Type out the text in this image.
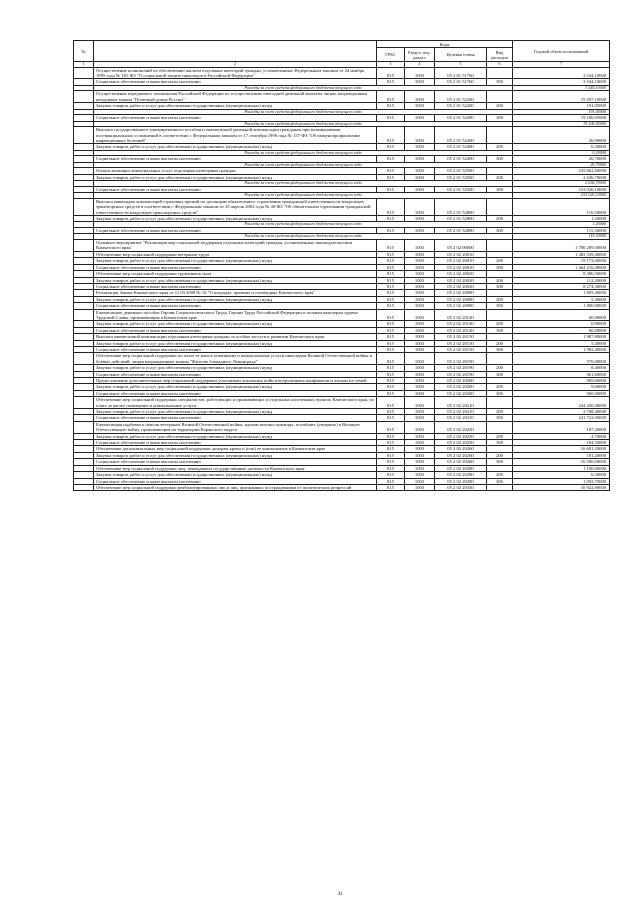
№		Коды				Годовой объем ассигнований
		ГРБС	Раздел, под-раздел	Целевая статья	Вид расходов	
1	2	3	4	5	6	7
	Осуществление полномочий по обеспечению жильем отдельных категорий граждан, установленных Федеральным законом от 24 ноября 1995 года № 181-ФЗ "О социальной защите инвалидов в Российской Федерации"	815	1003	05 2 01 51760		3 544,10000
	Социальное обеспечение и иные выплаты населению	815	1003	05 2 01 51760	300	3 544,10000
	Расходы за счет средств федерального бюджета текущего года					3 544,10000
	Осуществление переданного полномочия Российской Федерации по осуществлению ежегодной денежной выплаты лицам, награжденным нагрудным знаком "Почетный донор России"	815	1003	05 2 01 52200		19 297,10000
	Закупка товаров, работ и услуг для обеспечения государственных (муниципальных) нужд	815	1003	05 2 01 52200	200	191,05000
	Расходы за счет средств федерального бюджета текущего года					191,05000
	Социальное обеспечение и иные выплаты населению	815	1003	05 2 01 52200	300	19 106,05000
	Расходы за счет средств федерального бюджета текущего года					19 106,05000
	Выплата государственного единовременного пособия и ежемесячной денежной компенсации гражданам при возникновении поствакцинальных осложнений в соответствии с Федеральным законом от 17 сентября 1998 года № 157-ФЗ "Об иммунопрофилактике инфекционных болезней"	815	1003	05 2 01 52400		26,90000
	Закупка товаров, работ и услуг для обеспечения государственных (муниципальных) нужд	815	1003	05 2 01 52400	200	0,20000
	Расходы за счет средств федерального бюджета текущего года					0,20000
	Социальное обеспечение и иные выплаты населению	815	1003	05 2 01 52400	300	26,70000
	Расходы за счет средств федерального бюджета текущего года					26,70000
	Оплата жилищно-коммунальных услуг отдельным категориям граждан	815	1003	05 2 01 52500		235 662,60000
	Закупка товаров, работ и услуг для обеспечения государственных (муниципальных) нужд	815	1003	05 2 01 52500	200	2 636,70000
	Расходы за счет средств федерального бюджета текущего года					2 636,70000
	Социальное обеспечение и иные выплаты населению	815	1003	05 2 01 52500	300	233 026,10000
	Расходы за счет средств федерального бюджета текущего года					233 026,10000
	Выплата инвалидам компенсаций страховых премий по договорам обязательного страхования гражданской ответственности владельцев транспортных средств в соответствии с Федеральным законом от 25 апреля 2002 года № 40-ФЗ "Об обязательном страховании гражданской ответственности владельцев транспортных средств"	815	1003	05 2 01 52800		116,50000
	Закупка товаров, работ и услуг для обеспечения государственных (муниципальных) нужд	815	1003	05 2 01 52800	200	1,20000
	Расходы за счет средств федерального бюджета текущего года					1,20000
	Социальное обеспечение и иные выплаты населению	815	1003	05 2 01 52800	300	115,30000
	Расходы за счет средств федерального бюджета текущего года					115,30000
	Основное мероприятие "Реализация мер социальной поддержки отдельных категорий граждан, установленных законодательством Камчатского края"	815	1003	05 2 02 00000		1 780 289,50000
	Обеспечение мер социальной поддержки ветеранов труда	815	1003	05 2 02 20010		1 483 339,40000
	Закупка товаров, работ и услуг для обеспечения государственных (муниципальных) нужд	815	1003	05 2 02 20010	200	19 173,00000
	Социальное обеспечение и иные выплаты населению	815	1003	05 2 02 20010	300	1 464 216,40000
	Обеспечение мер социальной поддержки тружеников тыла	815	1003	05 2 02 20020		8 386,50000
	Закупка товаров, работ и услуг для обеспечения государственных (муниципальных) нужд	815	1003	05 2 02 20020	200	112,20000
	Социальное обеспечение и иные выплаты населению	815	1003	05 2 02 20020	300	8 274,30000
	Реализация Закона Камчатского края от 11.03.2008 № 18 "О наградах, премиях и стипендиях Камчатского края"	815	1003	05 2 02 20080		1 805,40000
	Закупка товаров, работ и услуг для обеспечения государственных (муниципальных) нужд	815	1003	05 2 02 20080	200	5,40000
	Социальное обеспечение и иные выплаты населению	815	1003	05 2 02 20080	300	1 800,00000
	Ежемесячное денежное пособие Героям Социалистического Труда, Героям Труда Российской Федерации и полным кавалерам ордена Трудовой Славы, проживающим в Камчатском крае	815	1003	05 2 02 20140		60,90000
	Закупка товаров, работ и услуг для обеспечения государственных (муниципальных) нужд	815	1003	05 2 02 20140	200	0,90000
	Социальное обеспечение и иные выплаты населению	815	1003	05 2 02 20140	300	60,00000
	Выплата ежемесячной компенсации отдельным категориям граждан за особые заслуги в развитии Камчатского края	815	1003	05 2 02 20150		1 987,80000
	Закупка товаров, работ и услуг для обеспечения государственных (муниципальных) нужд	815	1003	05 2 02 20150	200	5,40000
	Социальное обеспечение и иные выплаты населению	815	1003	05 2 02 20150	300	1 982,40000
	Обеспечение мер социальной поддержки по плате за жилое помещение и коммунальные услуги инвалидам Великой Отечественной войны и боевых действий, лицам награжденным знаком "Жителю блокадного Ленинграда"	815	1003	05 2 02 20190		570,00000
	Закупка товаров, работ и услуг для обеспечения государственных (муниципальных) нужд	815	1003	05 2 02 20190	200	8,40000
	Социальное обеспечение и иные выплаты населению	815	1003	05 2 02 20190	300	561,60000
	Предоставление дополнительных мер социальной поддержки участникам локальных войн и вооруженных конфликтов и членам их семей	815	1003	05 2 02 20200		969,60000
	Закупка товаров, работ и услуг для обеспечения государственных (муниципальных) нужд	815	1003	05 2 02 20200	200	9,60000
	Социальное обеспечение и иные выплаты населению	815	1003	05 2 02 20200	300	960,00000
	Обеспечение мер социальной поддержки специалистов, работающих и проживающих в отдельных населенных пунктах Камчатского края, по плате за жилое помещение и коммунальные услуги	815	1003	05 2 02 20210		244 430,40000
	Закупка товаров, работ и услуг для обеспечения государственных (муниципальных) нужд	815	1003	05 2 02 20210	200	2 708,40000
	Социальное обеспечение и иные выплаты населению	815	1003	05 2 02 20210	300	241 722,00000
	Ежемесячная надбавка к пенсии ветеранам Великой Отечественной войны, вдовам военнослужащих, погибших (умерших) в Великую Отечественную войну, проживающим на территории Корякского округа	815	1003	05 2 02 20250		187,20000
	Закупка товаров, работ и услуг для обеспечения государственных (муниципальных) нужд	815	1003	05 2 02 20250	200	2,70000
	Социальное обеспечение и иные выплаты населению	815	1003	05 2 02 20250	300	184,50000
	Обеспечение дополнительных мер социальной поддержки донорам крови и (или) ее компонентов в Камчатском крае	815	1003	05 2 02 20260		16 681,20000
	Закупка товаров, работ и услуг для обеспечения государственных (муниципальных) нужд	815	1003	05 2 02 20260	200	181,20000
	Социальное обеспечение и иные выплаты населению	815	1003	05 2 02 20260	300	16 500,00000
	Обеспечение мер социальной поддержки лиц, замещавших государственные должности Камчатского края	815	1003	05 2 02 20280		1 100,00000
	Закупка товаров, работ и услуг для обеспечения государственных (муниципальных) нужд	815	1003	05 2 02 20280	200	6,30000
	Социальное обеспечение и иные выплаты населению	815	1003	05 2 02 20280	300	1 093,70000
	Обеспечение мер социальной поддержки реабилитированных лиц и лиц, признанных пострадавшими от политических репрессий	815	1003	05 2 02 20330		16 922,80000
41
